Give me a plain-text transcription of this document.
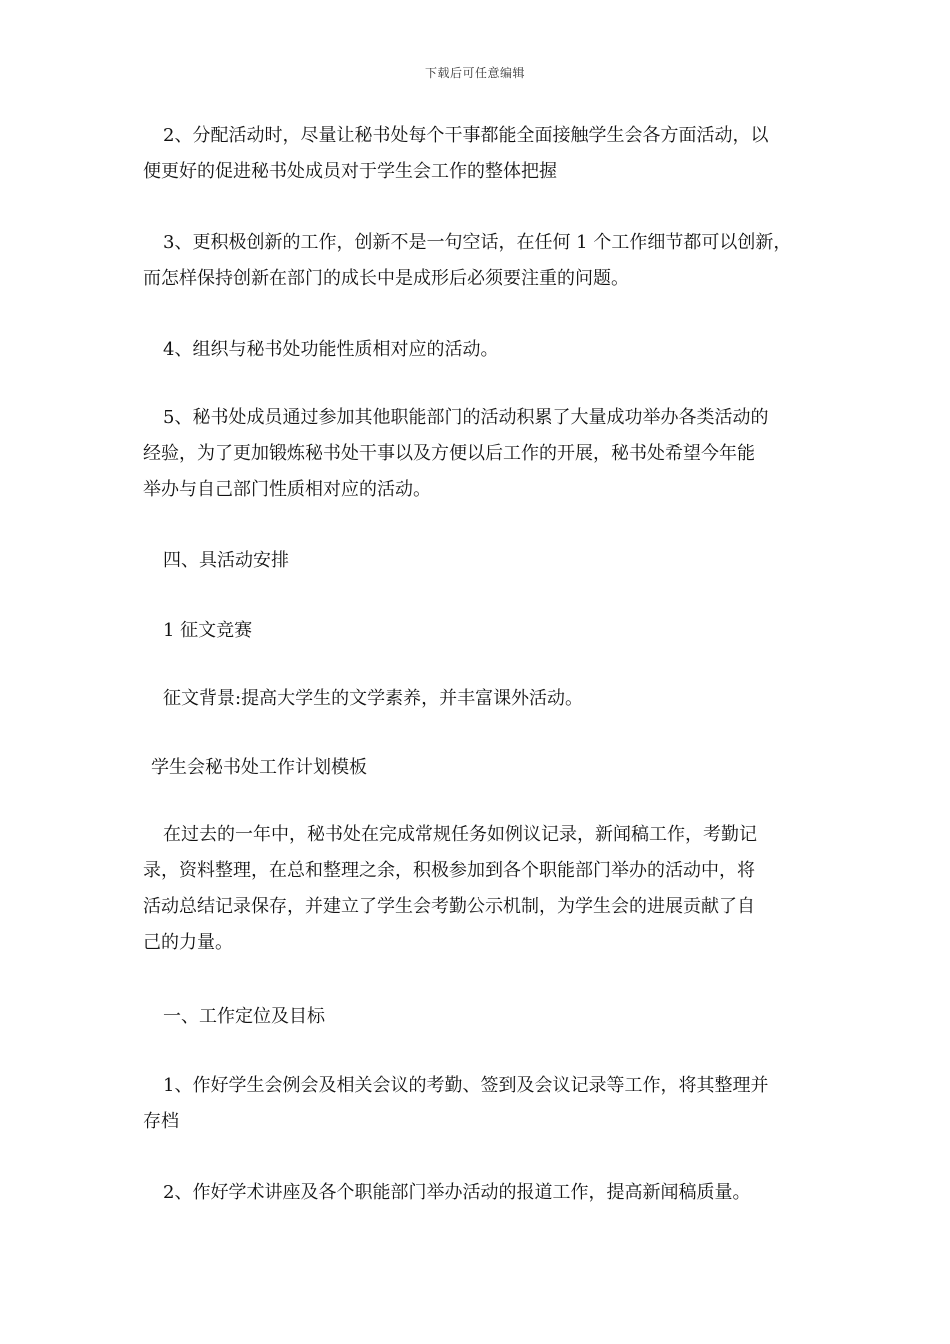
下载后可任意编辑
2、分配活动时，尽量让秘书处每个干事都能全面接触学生会各方面活动，以
便更好的促进秘书处成员对于学生会工作的整体把握
3、更积极创新的工作，创新不是一句空话，在任何 1 个工作细节都可以创新，
而怎样保持创新在部门的成长中是成形后必须要注重的问题。
4、组织与秘书处功能性质相对应的活动。
5、秘书处成员通过参加其他职能部门的活动积累了大量成功举办各类活动的
经验，为了更加锻炼秘书处干事以及方便以后工作的开展，秘书处希望今年能
举办与自己部门性质相对应的活动。
四、具活动安排
1 征文竞赛
征文背景:提高大学生的文学素养，并丰富课外活动。
学生会秘书处工作计划模板
在过去的一年中，秘书处在完成常规任务如例议记录，新闻稿工作，考勤记
录，资料整理，在总和整理之余，积极参加到各个职能部门举办的活动中，将
活动总结记录保存，并建立了学生会考勤公示机制，为学生会的进展贡献了自
己的力量。
一、工作定位及目标
1、作好学生会例会及相关会议的考勤、签到及会议记录等工作，将其整理并
存档
2、作好学术讲座及各个职能部门举办活动的报道工作，提高新闻稿质量。
